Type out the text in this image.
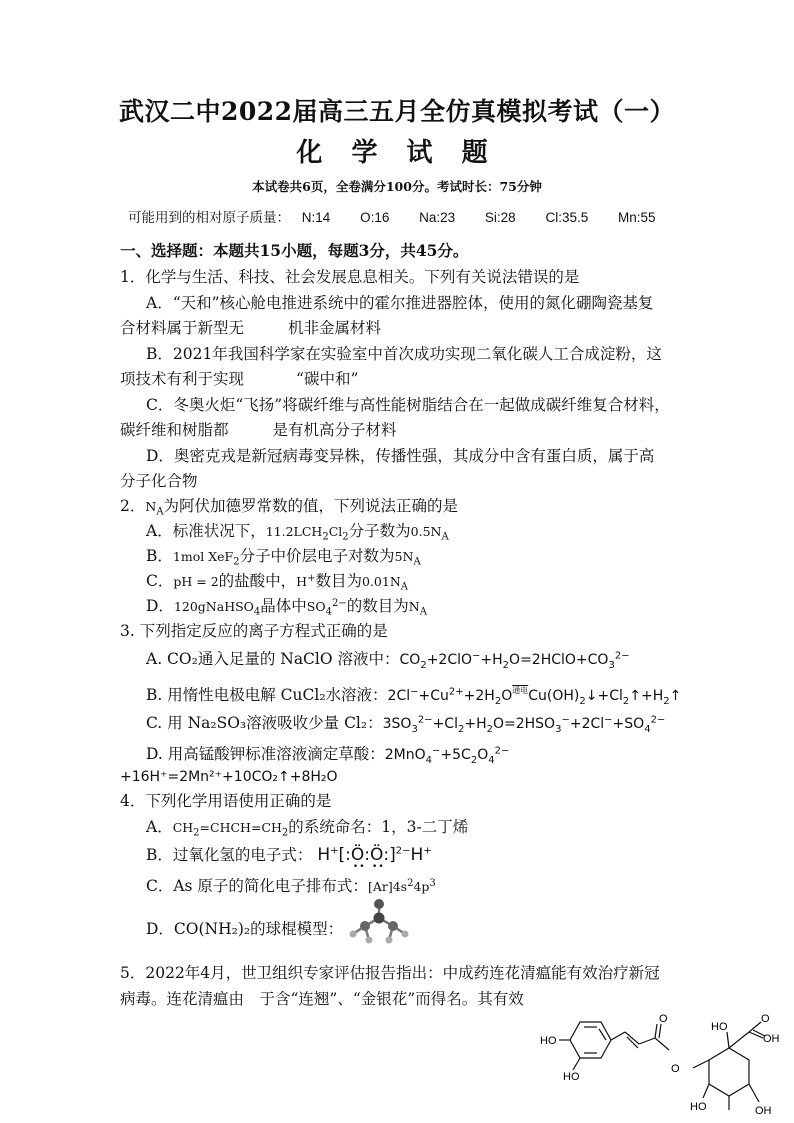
武汉二中2022届高三五月全仿真模拟考试（一）
化 学 试 题
本试卷共6页，全卷满分100分。考试时长：75分钟
可能用到的相对原子质量： N:14 O:16 Na:23 Si:28 Cl:35.5 Mn:55
一、选择题：本题共15小题，每题3分，共45分。
1．化学与生活、科技、社会发展息息相关。下列有关说法错误的是
A．“天和”核心舱电推进系统中的霍尔推进器腔体，使用的氮化硼陶瓷基复
合材料属于新型无	机非金属材料
B．2021年我国科学家在实验室中首次成功实现二氧化碳人工合成淀粉，这
项技术有利于实现	“碳中和”
C．冬奥火炬“飞扬”将碳纤维与高性能树脂结合在一起做成碳纤维复合材料，
碳纤维和树脂都	是有机高分子材料
D．奥密克戎是新冠病毒变异株，传播性强，其成分中含有蛋白质，属于高
分子化合物
2．$N_A$为阿伏加德罗常数的值，下列说法正确的是
A．标准状况下，$11.2LCH_2Cl_2$分子数为$0.5N_A$
B．1mol XeF$_2$分子中价层电子对数为$5N_A$
C．pH = 2的盐酸中，H+数目为$0.01N_A$
D．120gNaHSO$_4$晶体中$SO_4^{2-}$的数目为$N_A$
3. 下列指定反应的离子方程式正确的是
A. CO₂通入足量的 NaClO 溶液中：$CO_2+2ClO^-+H_2O=2HClO+CO_3^{2-}$
B. 用惰性电极电解 CuCl₂水溶液：$2Cl^-+Cu^{2+}+2H_2O^{通电}Cu(OH)_2↓+Cl_2↑+H_2↑$
C. 用 Na₂SO₃溶液吸收少量 Cl₂：$3SO_3^{2-}+Cl_2+H_2O=2HSO_3^-+2Cl^-+SO_4^{2-}$
D. 用高锰酸钾标准溶液滴定草酸：$2MnO_4^-+5C_2O_4^{2-}$
+16H⁺=2Mn²⁺+10CO₂↑+8H₂O
4．下列化学用语使用正确的是
A．$CH_2=CHCH=CH_2$的系统命名：1，3-二丁烯
B．过氧化氢的电子式： H+[:Ö
••
:Ö
••
:]$^{2-}$H+
C．As 原子的简化电子排布式：$[Ar]4s^24p^3$
D．CO(NH₂)₂的球棍模型：
5．2022年4月，世卫组织专家评估报告指出：中成药连花清瘟能有效治疗新冠
病毒。连花清瘟由　于含“连翘”、“金银花”而得名。其有效
HO
HO
O
O
HO
O
OH
HO	OH
